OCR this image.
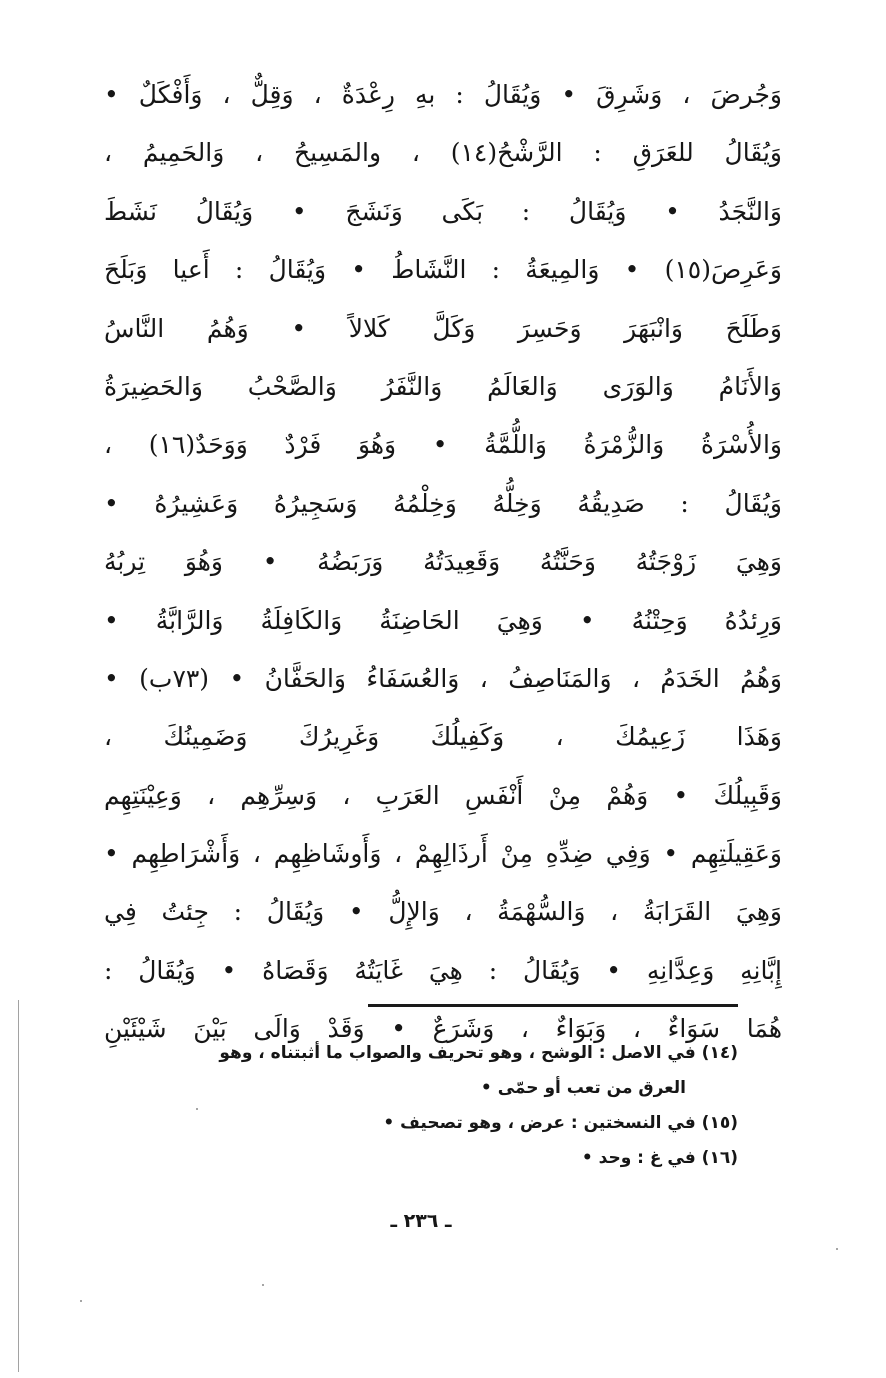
وَجُرضَ ، وَشَرِقَ • وَيُقَالُ : بهِ رِعْدَةٌ ، وَقِلٌّ ، وَأَفْكَلٌ •
وَيُقَالُ للعَرَقِ : الرَّشْحُ(١٤) ، والمَسِيحُ ، وَالحَمِيمُ ،
وَالنَّجَدُ • وَيُقَالُ : بَكَى وَنَشَجَ • وَيُقَالُ نَشَطَ
وَعَرِصَ(١٥) • وَالمِيعَةُ : النَّشَاطُ • وَيُقَالُ : أَعيا وَبَلَحَ
وَطَلَحَ وَانْبَهَرَ وَحَسِرَ وَكَلَّ كَلالاً • وَهُمُ النَّاسُ
وَالأَنَامُ وَالوَرَى وَالعَالَمُ وَالنَّفَرُ وَالصَّحْبُ وَالحَضِيرَةُ
وَالأُسْرَةُ وَالزُّمْرَةُ وَاللُّمَّةُ • وَهُوَ فَرْدٌ وَوَحَدٌ(١٦) ،
وَيُقَالُ : صَدِيقُهُ وَخِلُّهُ وَخِلْمُهُ وَسَجِيرُهُ وَعَشِيرُهُ •
وَهِيَ زَوْجَتُهُ وَحَنَّتُهُ وَقَعِيدَتُهُ وَرَبَضُهُ • وَهُوَ تِربُهُ
وَرِئدُهُ وَحِتْنُهُ • وَهِيَ الحَاضِنَةُ وَالكَافِلَةُ وَالرَّابَّةُ •
وَهُمُ الخَدَمُ ، وَالمَنَاصِفُ ، وَالعُسَفَاءُ وَالحَفَّانُ • (٧٣ب) •
وَهَذَا زَعِيمُكَ ، وَكَفِيلُكَ وَغَرِيرُكَ وَضَمِينُكَ ،
وَقَبِيلُكَ • وَهُمْ مِنْ أَنْفَسِ العَرَبِ ، وَسِرِّهِم ، وَعِيْنَتِهِم
وَعَقِيلَتِهِم • وَفِي ضِدِّهِ مِنْ أَرذَالِهِمْ ، وَأَوشَاظِهِم ، وَأَشْرَاطِهِم •
وَهِيَ القَرَابَةُ ، وَالسُّهْمَةُ ، وَالإِلُّ • وَيُقَالُ : جِئتُ فِي
إِبَّانِهِ وَعِدَّانِهِ • وَيُقَالُ : هِيَ غَايَتُهُ وَقَصَاهُ • وَيُقَالُ :
هُمَا سَوَاءٌ ، وَبَوَاءٌ ، وَشَرَعٌ • وَقَدْ وَالَى بَيْنَ شَيْئَيْنِ
(١٤) في الاصل : الوشح ، وهو تحريف والصواب ما أثبتناه ، وهو
العرق من تعب أو حمّى •
(١٥) في النسختين : عرض ، وهو تصحيف •
(١٦) في غ : وحد •
ـ ٢٣٦ ـ
